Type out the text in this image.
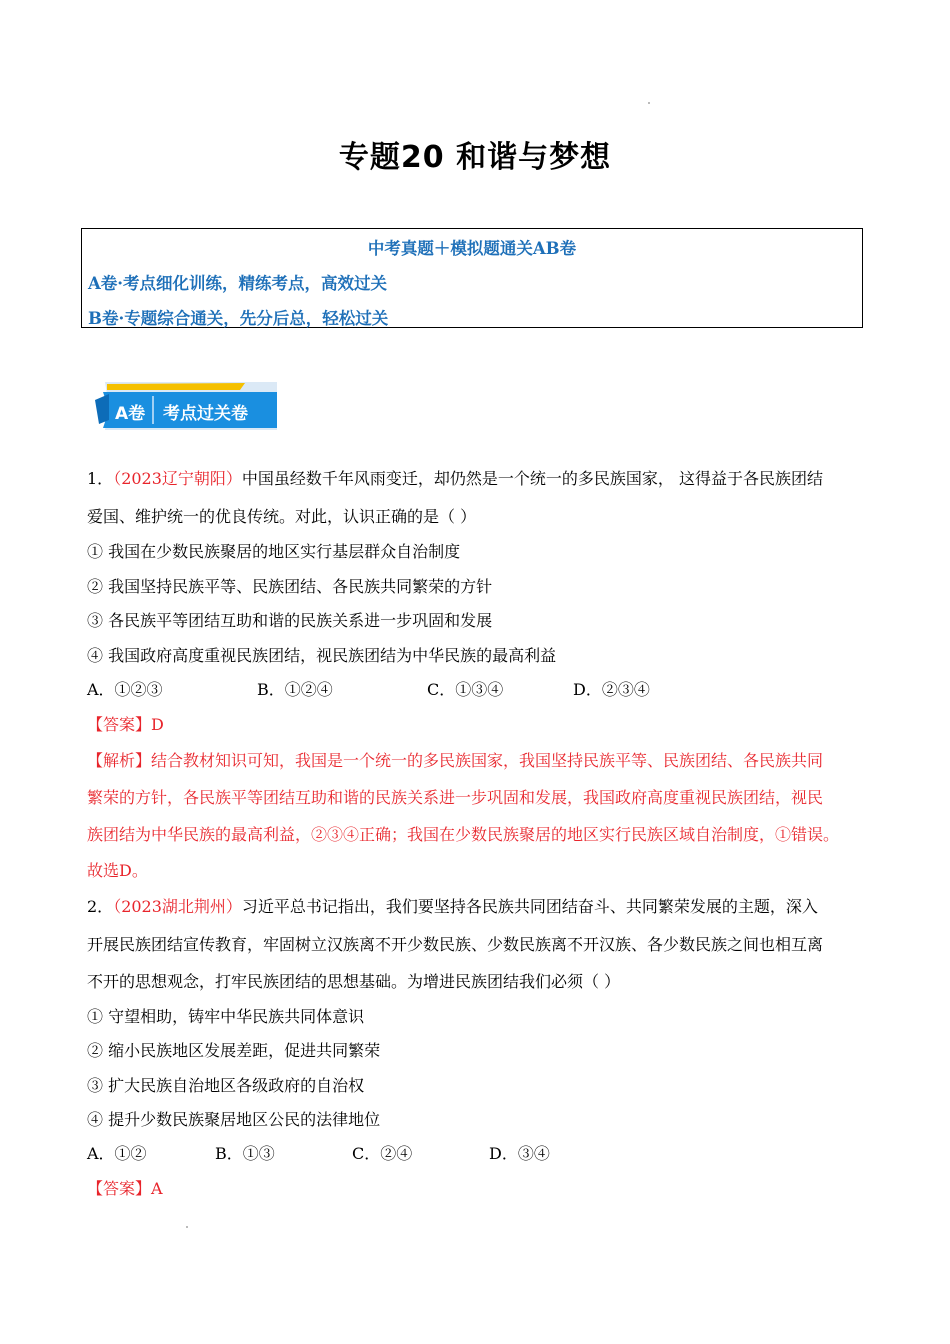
专题20 和谐与梦想
中考真题＋模拟题通关AB卷
A卷·考点细化训练，精练考点，高效过关
B卷·专题综合通关，先分后总，轻松过关
A卷 考点过关卷
1．（2023辽宁朝阳）中国虽经数千年风雨变迁，却仍然是一个统一的多民族国家， 这得益于各民族团结
爱国、维护统一的优良传统。对此，认识正确的是（ ）
① 我国在少数民族聚居的地区实行基层群众自治制度
② 我国坚持民族平等、民族团结、各民族共同繁荣的方针
③ 各民族平等团结互助和谐的民族关系进一步巩固和发展
④ 我国政府高度重视民族团结，视民族团结为中华民族的最高利益
A．①②③	B．①②④	C．①③④	D．②③④
【答案】D
【解析】结合教材知识可知，我国是一个统一的多民族国家，我国坚持民族平等、民族团结、各民族共同
繁荣的方针，各民族平等团结互助和谐的民族关系进一步巩固和发展，我国政府高度重视民族团结，视民
族团结为中华民族的最高利益，②③④正确；我国在少数民族聚居的地区实行民族区域自治制度，①错误。
故选D。
2．（2023湖北荆州）习近平总书记指出，我们要坚持各民族共同团结奋斗、共同繁荣发展的主题，深入
开展民族团结宣传教育，牢固树立汉族离不开少数民族、少数民族离不开汉族、各少数民族之间也相互离
不开的思想观念，打牢民族团结的思想基础。为增进民族团结我们必须（ ）
① 守望相助，铸牢中华民族共同体意识
② 缩小民族地区发展差距，促进共同繁荣
③ 扩大民族自治地区各级政府的自治权
④ 提升少数民族聚居地区公民的法律地位
A．①②	B．①③	C．②④	D．③④
【答案】A
